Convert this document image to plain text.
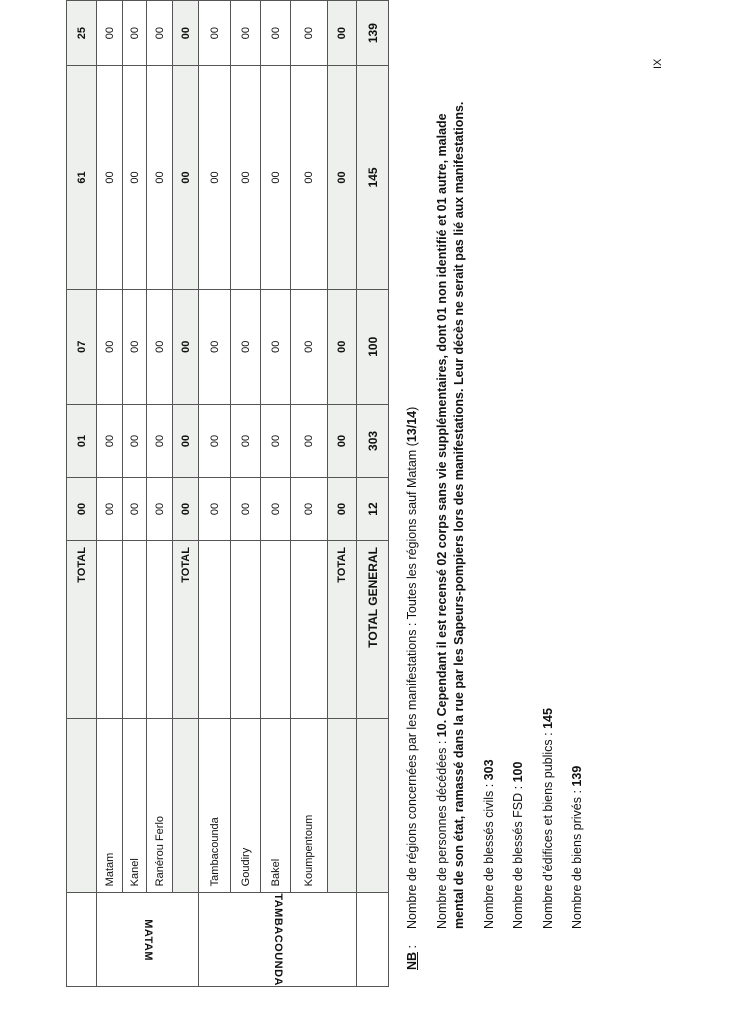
		TOTAL	00	01	07	61	25
MATAM	Matam		00	00	00	00	00
	Kanel		00	00	00	00	00
	Ranérou Ferlo		00	00	00	00	00
		TOTAL	00	00	00	00	00
TAMBACOUNDA	Tambacounda		00	00	00	00	00
	Goudiry		00	00	00	00	00
	Bakel		00	00	00	00	00
	Koumpentoum		00	00	00	00	00
		TOTAL	00	00	00	00	00
		TOTAL GENERAL	12	303	100	145	139

NB :
Nombre de régions concernées par les manifestations : Toutes les régions sauf Matam (13/14)

Nombre de personnes décédées : 10. Cependant il est recensé 02 corps sans vie supplémentaires, dont 01 non identifié et 01 autre, malade mental de son état, ramassé dans la rue par les Sapeurs-pompiers lors des manifestations. Leur décès ne serait pas lié aux manifestations. Nombre de blessés civils : 303

Nombre de blessés FSD : 100 Nombre d’édifices et biens publics : 145

Nombre de biens privés : 139

IX
